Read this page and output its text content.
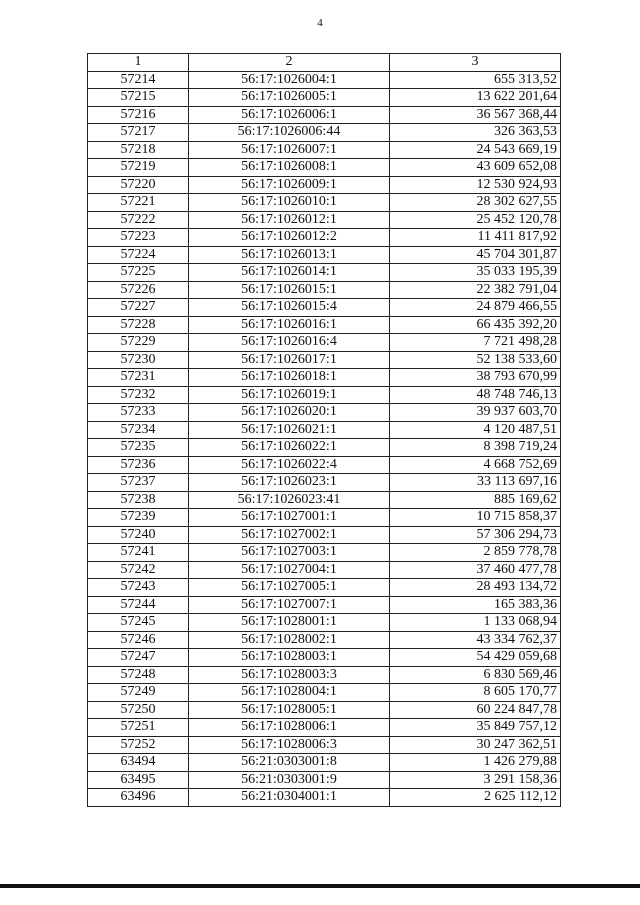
4
1	2	3
57214	56:17:1026004:1	655 313,52
57215	56:17:1026005:1	13 622 201,64
57216	56:17:1026006:1	36 567 368,44
57217	56:17:1026006:44	326 363,53
57218	56:17:1026007:1	24 543 669,19
57219	56:17:1026008:1	43 609 652,08
57220	56:17:1026009:1	12 530 924,93
57221	56:17:1026010:1	28 302 627,55
57222	56:17:1026012:1	25 452 120,78
57223	56:17:1026012:2	11 411 817,92
57224	56:17:1026013:1	45 704 301,87
57225	56:17:1026014:1	35 033 195,39
57226	56:17:1026015:1	22 382 791,04
57227	56:17:1026015:4	24 879 466,55
57228	56:17:1026016:1	66 435 392,20
57229	56:17:1026016:4	7 721 498,28
57230	56:17:1026017:1	52 138 533,60
57231	56:17:1026018:1	38 793 670,99
57232	56:17:1026019:1	48 748 746,13
57233	56:17:1026020:1	39 937 603,70
57234	56:17:1026021:1	4 120 487,51
57235	56:17:1026022:1	8 398 719,24
57236	56:17:1026022:4	4 668 752,69
57237	56:17:1026023:1	33 113 697,16
57238	56:17:1026023:41	885 169,62
57239	56:17:1027001:1	10 715 858,37
57240	56:17:1027002:1	57 306 294,73
57241	56:17:1027003:1	2 859 778,78
57242	56:17:1027004:1	37 460 477,78
57243	56:17:1027005:1	28 493 134,72
57244	56:17:1027007:1	165 383,36
57245	56:17:1028001:1	1 133 068,94
57246	56:17:1028002:1	43 334 762,37
57247	56:17:1028003:1	54 429 059,68
57248	56:17:1028003:3	6 830 569,46
57249	56:17:1028004:1	8 605 170,77
57250	56:17:1028005:1	60 224 847,78
57251	56:17:1028006:1	35 849 757,12
57252	56:17:1028006:3	30 247 362,51
63494	56:21:0303001:8	1 426 279,88
63495	56:21:0303001:9	3 291 158,36
63496	56:21:0304001:1	2 625 112,12
